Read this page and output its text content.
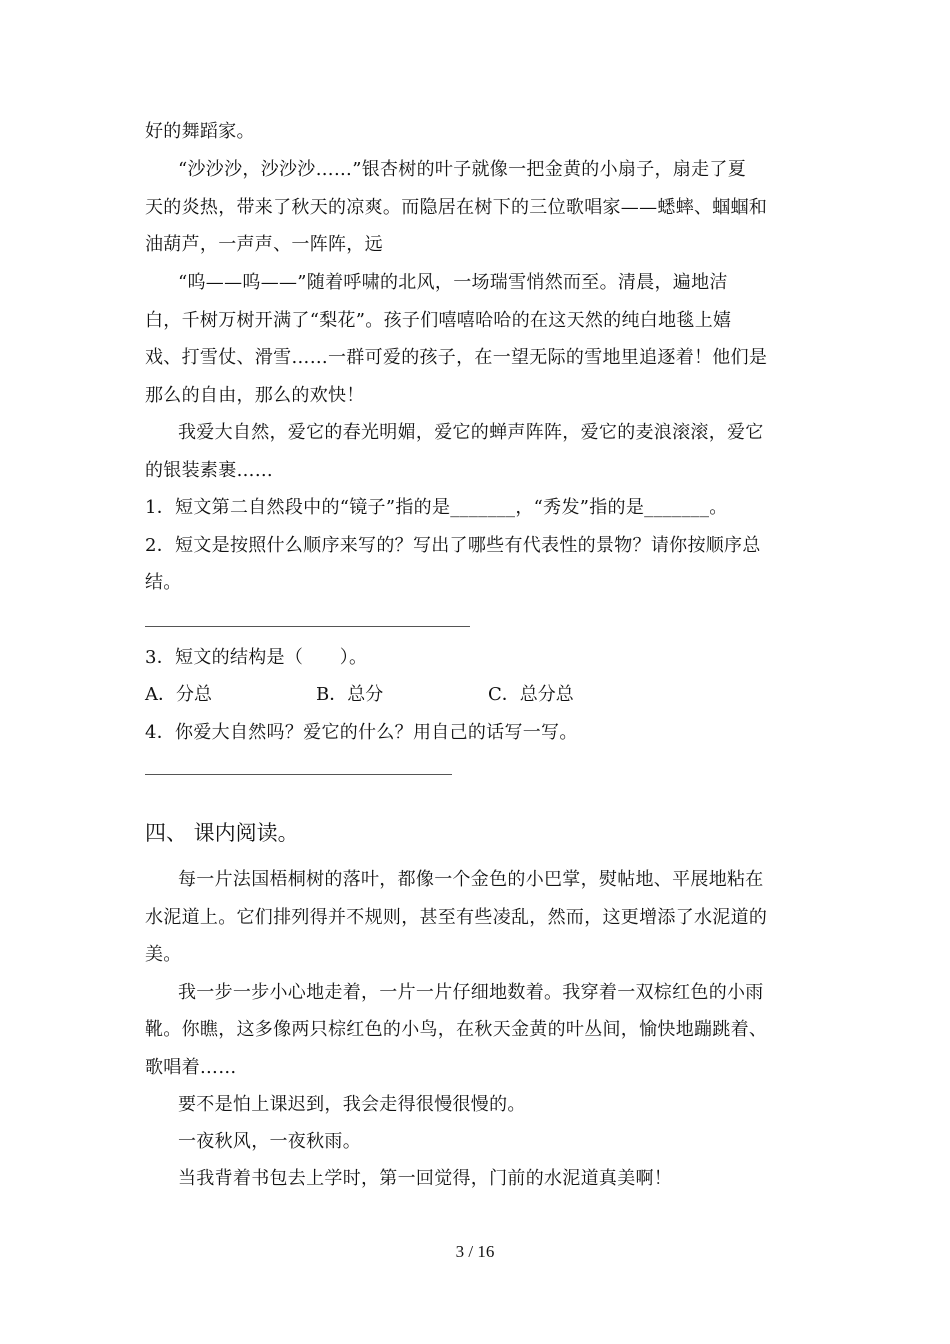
好的舞蹈家。
“沙沙沙，沙沙沙……”银杏树的叶子就像一把金黄的小扇子，扇走了夏
天的炎热，带来了秋天的凉爽。而隐居在树下的三位歌唱家——蟋蟀、蝈蝈和
油葫芦，一声声、一阵阵，远
“呜——呜——”随着呼啸的北风，一场瑞雪悄然而至。清晨，遍地洁
白，千树万树开满了“梨花”。孩子们嘻嘻哈哈的在这天然的纯白地毯上嬉
戏、打雪仗、滑雪……一群可爱的孩子，在一望无际的雪地里追逐着！他们是
那么的自由，那么的欢快！
我爱大自然，爱它的春光明媚，爱它的蝉声阵阵，爱它的麦浪滚滚，爱它
的银装素裹……
1．短文第二自然段中的“镜子”指的是_______，“秀发”指的是_______。
2．短文是按照什么顺序来写的？写出了哪些有代表性的景物？请你按顺序总
结。
3．短文的结构是（　　）。
A．分总	B．总分	C．总分总
4．你爱大自然吗？爱它的什么？用自己的话写一写。
四、 课内阅读。
每一片法国梧桐树的落叶，都像一个金色的小巴掌，熨帖地、平展地粘在
水泥道上。它们排列得并不规则，甚至有些凌乱，然而，这更增添了水泥道的
美。
我一步一步小心地走着，一片一片仔细地数着。我穿着一双棕红色的小雨
靴。你瞧，这多像两只棕红色的小鸟，在秋天金黄的叶丛间，愉快地蹦跳着、
歌唱着……
要不是怕上课迟到，我会走得很慢很慢的。
一夜秋风，一夜秋雨。
当我背着书包去上学时，第一回觉得，门前的水泥道真美啊！
3 / 16
